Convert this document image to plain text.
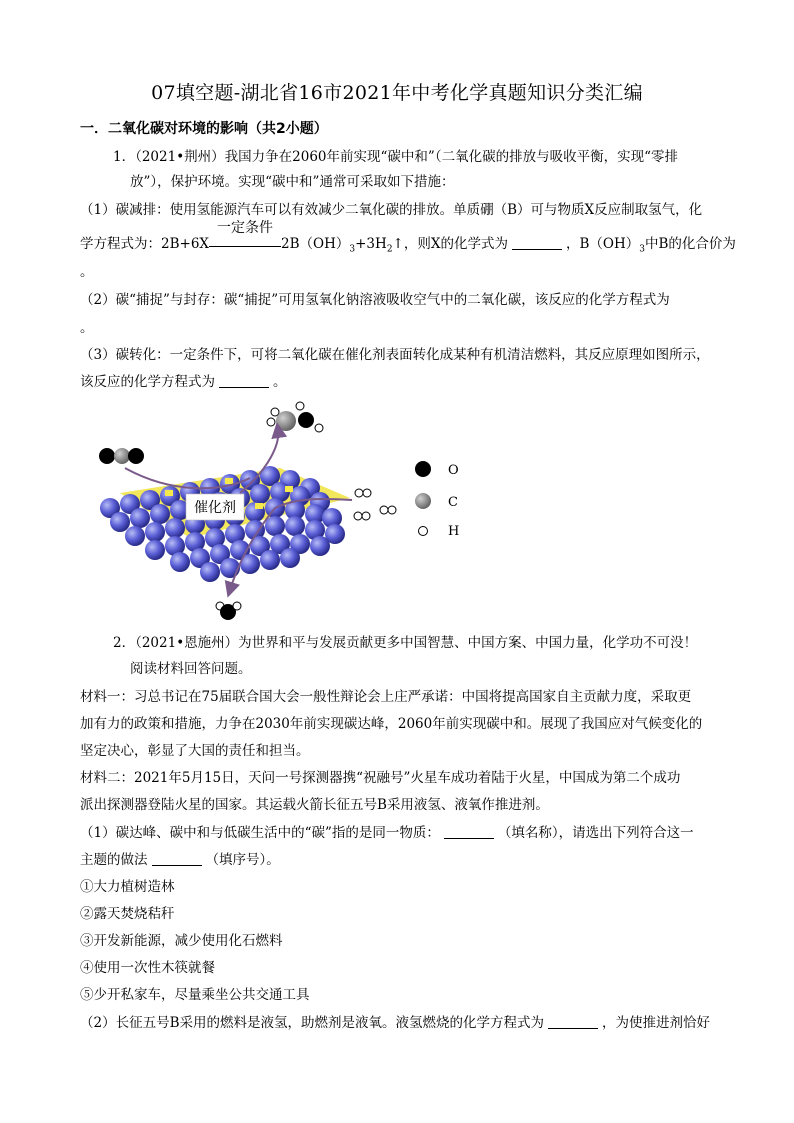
07填空题-湖北省16市2021年中考化学真题知识分类汇编
一．二氧化碳对环境的影响（共2小题）
1．（2021•荆州）我国力争在2060年前实现“碳中和”（二氧化碳的排放与吸收平衡，实现“零排
放”），保护环境。实现“碳中和”通常可采取如下措施：
（1）碳减排：使用氢能源汽车可以有效减少二氧化碳的排放。单质硼（B）可与物质X反应制取氢气，化
学方程式为：2B+6X
一定条件
$2B(OH)_3+3H_2↑$，则X的化学式为	，$B(OH)_3$中B的化合价为
。
（2）碳“捕捉”与封存：碳“捕捉”可用氢氧化钠溶液吸收空气中的二氧化碳，该反应的化学方程式为
。
（3）碳转化：一定条件下，可将二氧化碳在催化剂表面转化成某种有机清洁燃料，其反应原理如图所示，
该反应的化学方程式为	。
催化剂
O
C
H
2．（2021•恩施州）为世界和平与发展贡献更多中国智慧、中国方案、中国力量，化学功不可没！
阅读材料回答问题。
材料一：习总书记在75届联合国大会一般性辩论会上庄严承诺：中国将提高国家自主贡献力度，采取更
加有力的政策和措施，力争在2030年前实现碳达峰，2060年前实现碳中和。展现了我国应对气候变化的
坚定决心，彰显了大国的责任和担当。
材料二：2021年5月15日，天问一号探测器携“祝融号”火星车成功着陆于火星，中国成为第二个成功
派出探测器登陆火星的国家。其运载火箭长征五号B采用液氢、液氧作推进剂。
（1）碳达峰、碳中和与低碳生活中的“碳”指的是同一物质：	（填名称），请选出下列符合这一
主题的做法	（填序号）。
①大力植树造林
②露天焚烧秸秆
③开发新能源，减少使用化石燃料
④使用一次性木筷就餐
⑤少开私家车，尽量乘坐公共交通工具
（2）长征五号B采用的燃料是液氢，助燃剂是液氧。液氢燃烧的化学方程式为	，为使推进剂恰好
